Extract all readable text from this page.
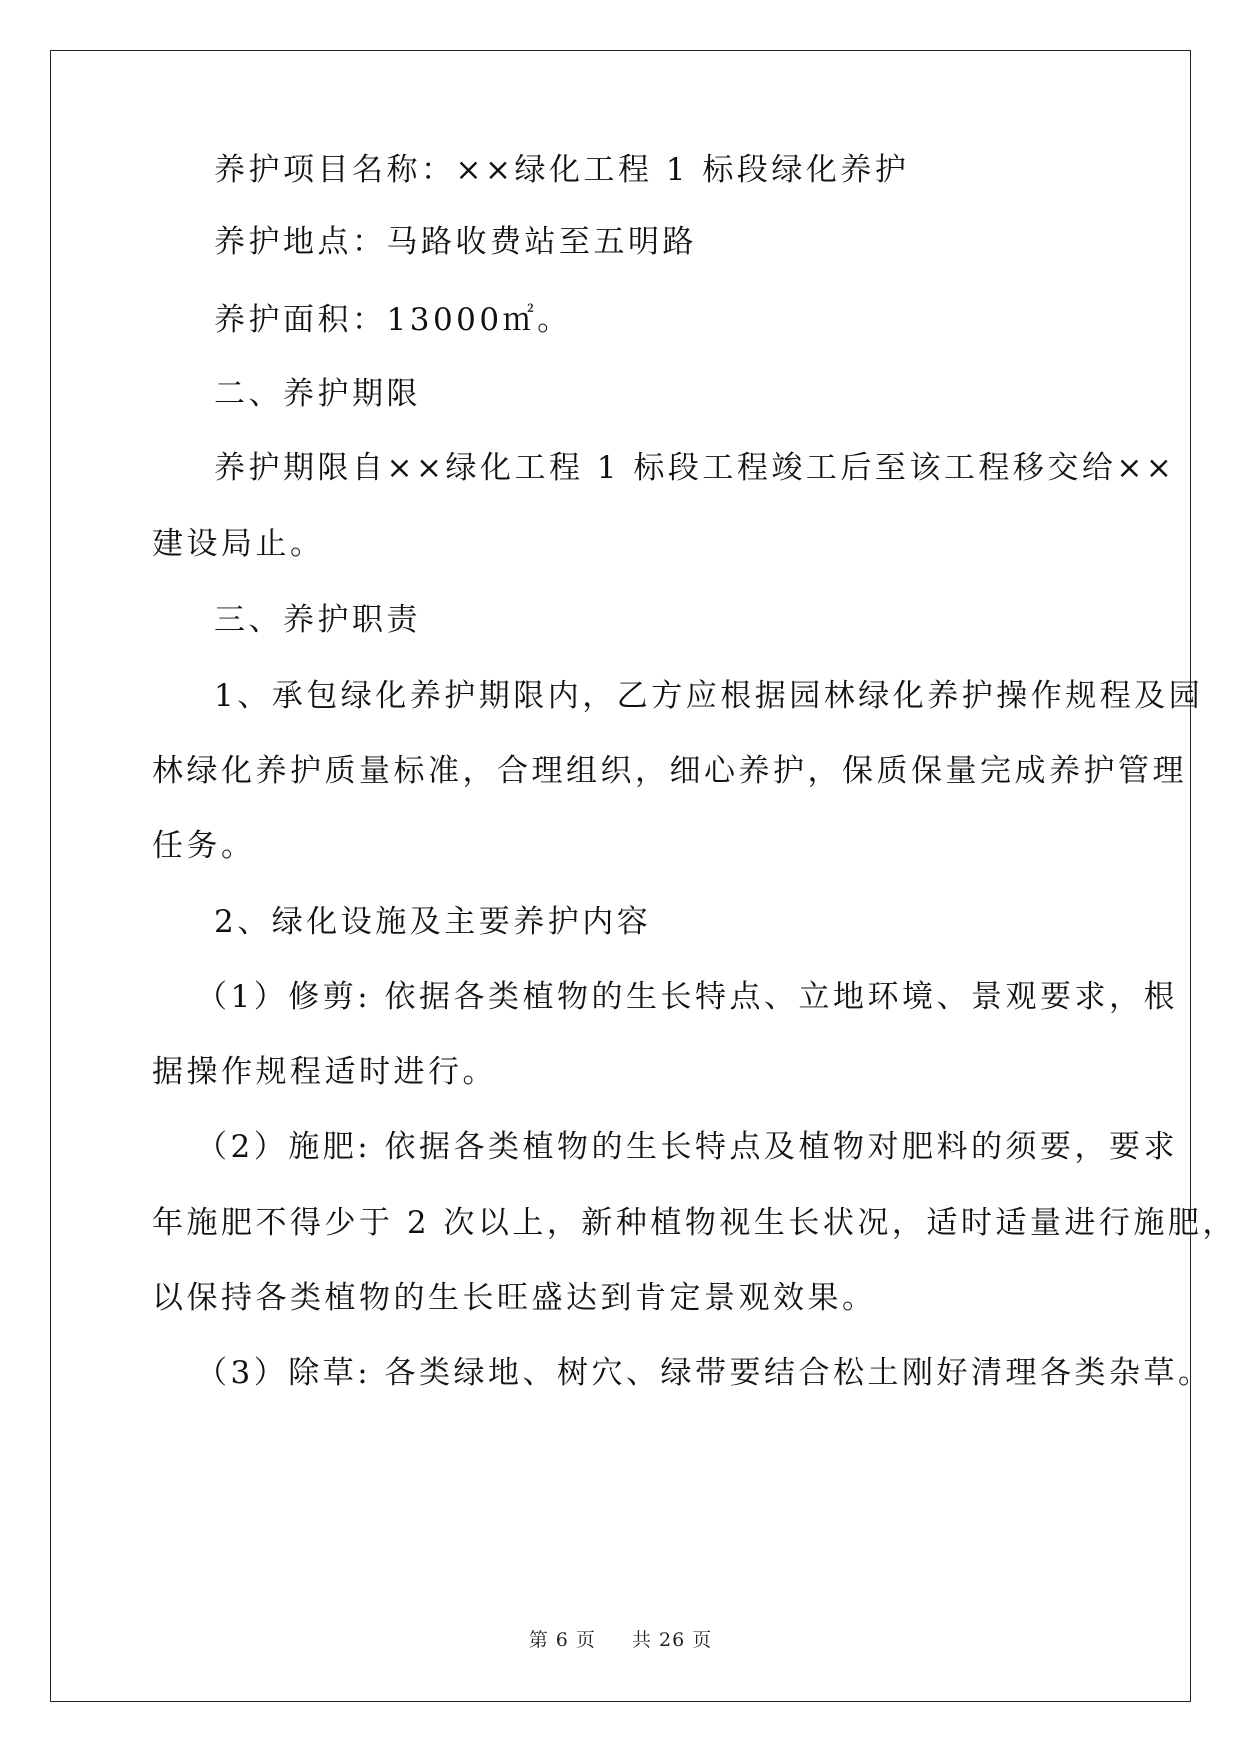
养护项目名称：××绿化工程 1 标段绿化养护
养护地点：马路收费站至五明路
养护面积：13000㎡。
二、养护期限
养护期限自××绿化工程 1 标段工程竣工后至该工程移交给××
建设局止。
三、养护职责
1、承包绿化养护期限内，乙方应根据园林绿化养护操作规程及园
林绿化养护质量标准，合理组织，细心养护，保质保量完成养护管理
任务。
2、绿化设施及主要养护内容
（1）修剪: 依据各类植物的生长特点、立地环境、景观要求，根
据操作规程适时进行。
（2）施肥: 依据各类植物的生长特点及植物对肥料的须要，要求
年施肥不得少于 2 次以上，新种植物视生长状况，适时适量进行施肥，
以保持各类植物的生长旺盛达到肯定景观效果。
（3）除草: 各类绿地、树穴、绿带要结合松土刚好清理各类杂草。
第 6 页 共 26 页
